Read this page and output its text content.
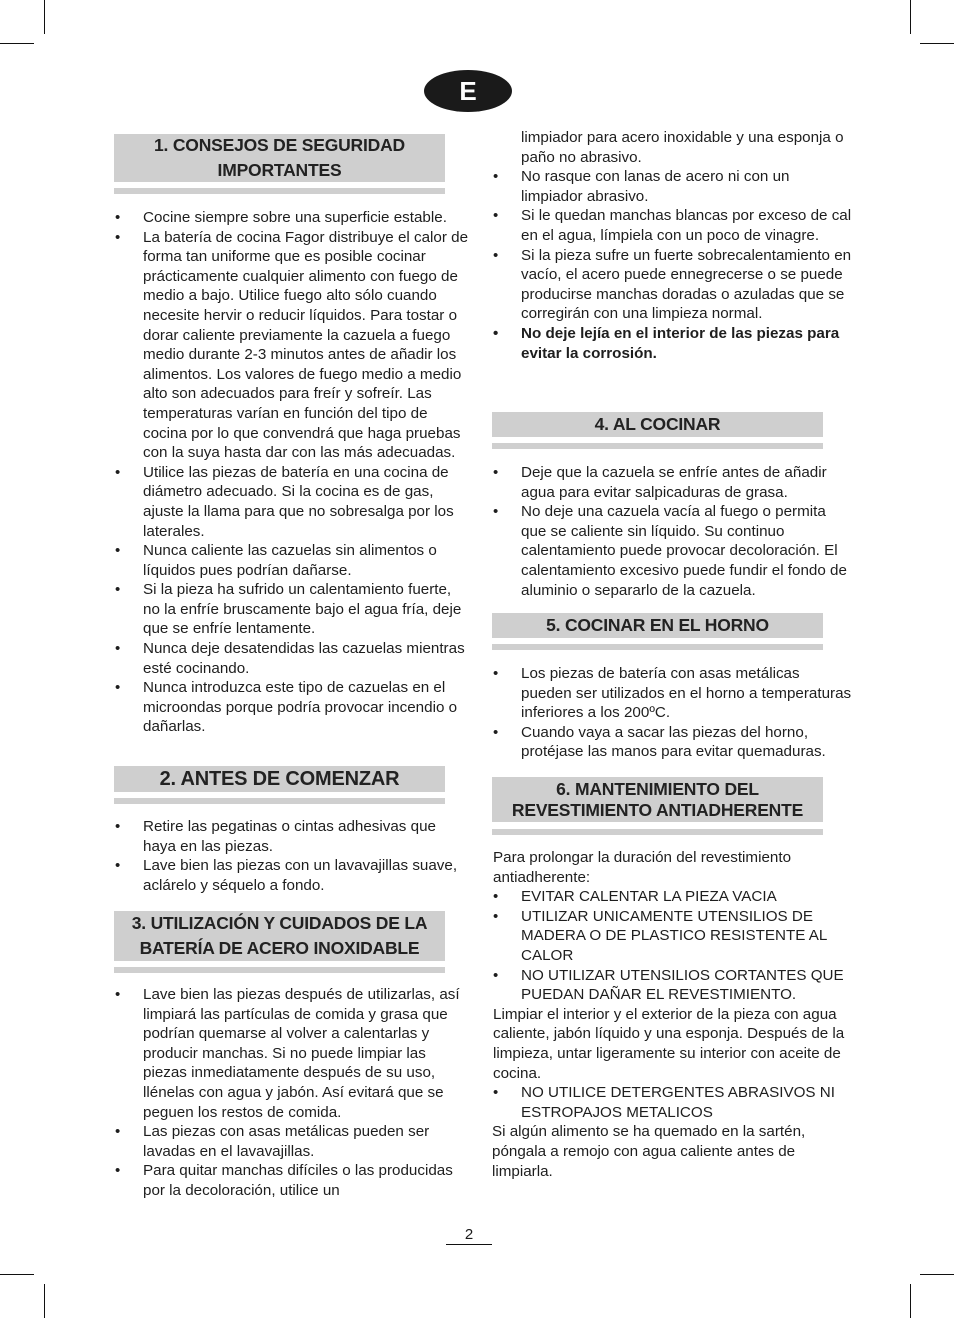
E
1. CONSEJOS DE SEGURIDAD
IMPORTANTES
• Cocine siempre sobre una superficie estable.
• La batería de cocina Fagor distribuye el calor de forma tan uniforme que es posible cocinar prácticamente cualquier alimento con fuego de medio a bajo. Utilice fuego alto sólo cuando necesite hervir o reducir líquidos. Para tostar o dorar caliente previamente la cazuela a fuego medio durante 2-3 minutos antes de añadir los alimentos. Los valores de fuego medio a medio alto son adecuados para freír y sofreír. Las temperaturas varían en función del tipo de cocina por lo que convendrá que haga pruebas con la suya hasta dar con las más adecuadas.
• Utilice las piezas de batería en una cocina de diámetro adecuado. Si la cocina es de gas, ajuste la llama para que no sobresalga por los laterales.
• Nunca caliente las cazuelas sin alimentos o líquidos pues podrían dañarse.
• Si la pieza ha sufrido un calentamiento fuerte, no la enfríe bruscamente bajo el agua fría, deje que se enfríe lentamente.
• Nunca deje desatendidas las cazuelas mientras esté cocinando.
• Nunca introduzca este tipo de cazuelas en el microondas porque podría provocar incendio o dañarlas.
2. ANTES DE COMENZAR
• Retire las pegatinas o cintas adhesivas que haya en las piezas.
• Lave bien las piezas con un lavavajillas suave, aclárelo y séquelo a fondo.
3. UTILIZACIÓN Y CUIDADOS DE LA
BATERÍA DE ACERO INOXIDABLE
• Lave bien las piezas después de utilizarlas, así limpiará las partículas de comida y grasa que podrían quemarse al volver a calentarlas y producir manchas. Si no puede limpiar las piezas inmediatamente después de su uso, llénelas con agua y jabón. Así evitará que se peguen los restos de comida.
• Las piezas con asas metálicas pueden ser lavadas en el lavavajillas.
• Para quitar manchas difíciles o las producidas por la decoloración, utilice un
limpiador para acero inoxidable y una esponja o paño no abrasivo.
• No rasque con lanas de acero ni con un limpiador abrasivo.
• Si le quedan manchas blancas por exceso de cal en el agua, límpiela con un poco de vinagre.
• Si la pieza sufre un fuerte sobrecalentamiento en vacío, el acero puede ennegrecerse o se puede producirse manchas doradas o azuladas que se corregirán con una limpieza normal.
• No deje lejía en el interior de las piezas para evitar la corrosión.
4. AL COCINAR
• Deje que la cazuela se enfríe antes de añadir agua para evitar salpicaduras de grasa.
• No deje una cazuela vacía al fuego o permita que se caliente sin líquido. Su continuo calentamiento puede provocar decoloración. El calentamiento excesivo puede fundir el fondo de aluminio o separarlo de la cazuela.
5. COCINAR EN EL HORNO
• Los piezas de batería con asas metálicas pueden ser utilizados en el horno a temperaturas inferiores a los 200ºC.
• Cuando vaya a sacar las piezas del horno, protéjase las manos para evitar quemaduras.
6. MANTENIMIENTO DEL
REVESTIMIENTO ANTIADHERENTE

Para prolongar la duración del revestimiento antiadherente:

• EVITAR CALENTAR LA PIEZA VACIA
• UTILIZAR UNICAMENTE UTENSILIOS DE MADERA O DE PLASTICO RESISTENTE AL CALOR
• NO UTILIZAR UTENSILIOS CORTANTES QUE PUEDAN DAÑAR EL REVESTIMIENTO.

Limpiar el interior y el exterior de la pieza con agua caliente, jabón líquido y una esponja. Después de la limpieza, untar ligeramente su interior con aceite de cocina.

• NO UTILICE DETERGENTES ABRASIVOS NI ESTROPAJOS METALICOS

Si algún alimento se ha quemado en la sartén, póngala a remojo con agua caliente antes de limpiarla.

2
